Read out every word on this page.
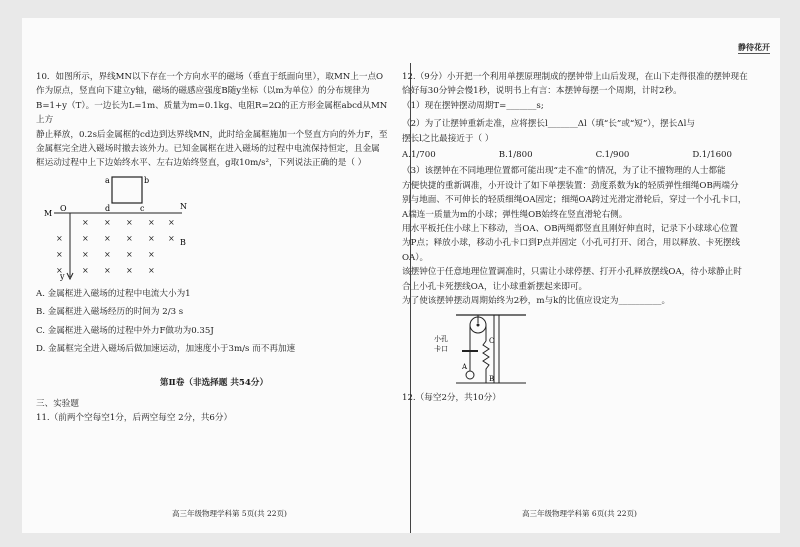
静待花开

10．如图所示，界线MN以下存在一个方向水平的磁场（垂直于纸面向里），取MN上一点O

作为原点，竖直向下建立y轴，磁场的磁感应强度B随y坐标（以m为单位）的分布规律为

B=1+y（T）。一边长为L=1m、质量为m=0.1kg、电阻R=2Ω的正方形金属框abcd从MN上方

静止释放，0.2s后金属框的cd边到达界线MN，此时给金属框施加一个竖直方向的外力F，至

金属框完全进入磁场时撤去该外力。已知金属框在进入磁场的过程中电流保持恒定，且金属

框运动过程中上下边始终水平、左右边始终竖直，g取10m/s²，下列说法正确的是（ ）

a	b
d	c
M
O	N
y
B
× × × × ×
× × × × × ×
× × × × ×
× × × × ×

A. 金属框进入磁场的过程中电流大小为1

B. 金属框进入磁场经历的时间为 2/3 s

C. 金属框进入磁场的过程中外力F做功为0.35J

D. 金属框完全进入磁场后做加速运动，加速度小于3m/s 而不再加速

第Ⅱ卷（非选择题 共54分）

三、实验题

11.（前两个空每空1分，后两空每空 2分，共6分）

高三年级物理学科第 5页(共 22页)

12.（9分）小开把一个利用单摆原理制成的摆钟带上山后发现，在山下走得很准的摆钟现在

恰好每30分钟会慢1秒，说明书上有言：本摆钟每摆一个周期，计时2秒。

（1）现在摆钟摆动周期T=_______s;

（2）为了让摆钟重新走准，应将摆长l_______Δl（填“长”或“短”），摆长Δl与

摆长l之比最接近于（ ）

A.1/700	B.1/800	C.1/900	D.1/1600

（3）该摆钟在不同地理位置都可能出现“走不准”的情况，为了让不擅物理的人士都能

方便快捷的重新调准，小开设计了如下单摆装置：劲度系数为k的轻质弹性细绳OB两端分

别与地面、不可伸长的轻质细绳OA固定；细绳OA跨过光滑定滑轮后，穿过一个小孔卡口，

A端连一质量为m的小球；弹性绳OB始终在竖直滑轮右侧。

用水平板托住小球上下移动，当OA、OB两绳都竖直且刚好伸直时，记录下小球球心位置

为P点；释放小球，移动小孔卡口到P点并固定（小孔可打开、闭合，用以释放、卡死摆线

OA）。

该摆钟位于任意地理位置调准时，只需让小球停摆、打开小孔释放摆线OA，待小球静止时

合上小孔卡死摆线OA，让小球重新摆起来即可。

为了使该摆钟摆动周期始终为2秒，m与k的比值应设定为__________。

O
B
小孔
卡口
A

12.（每空2分，共10分）

高三年级物理学科第 6页(共 22页)
